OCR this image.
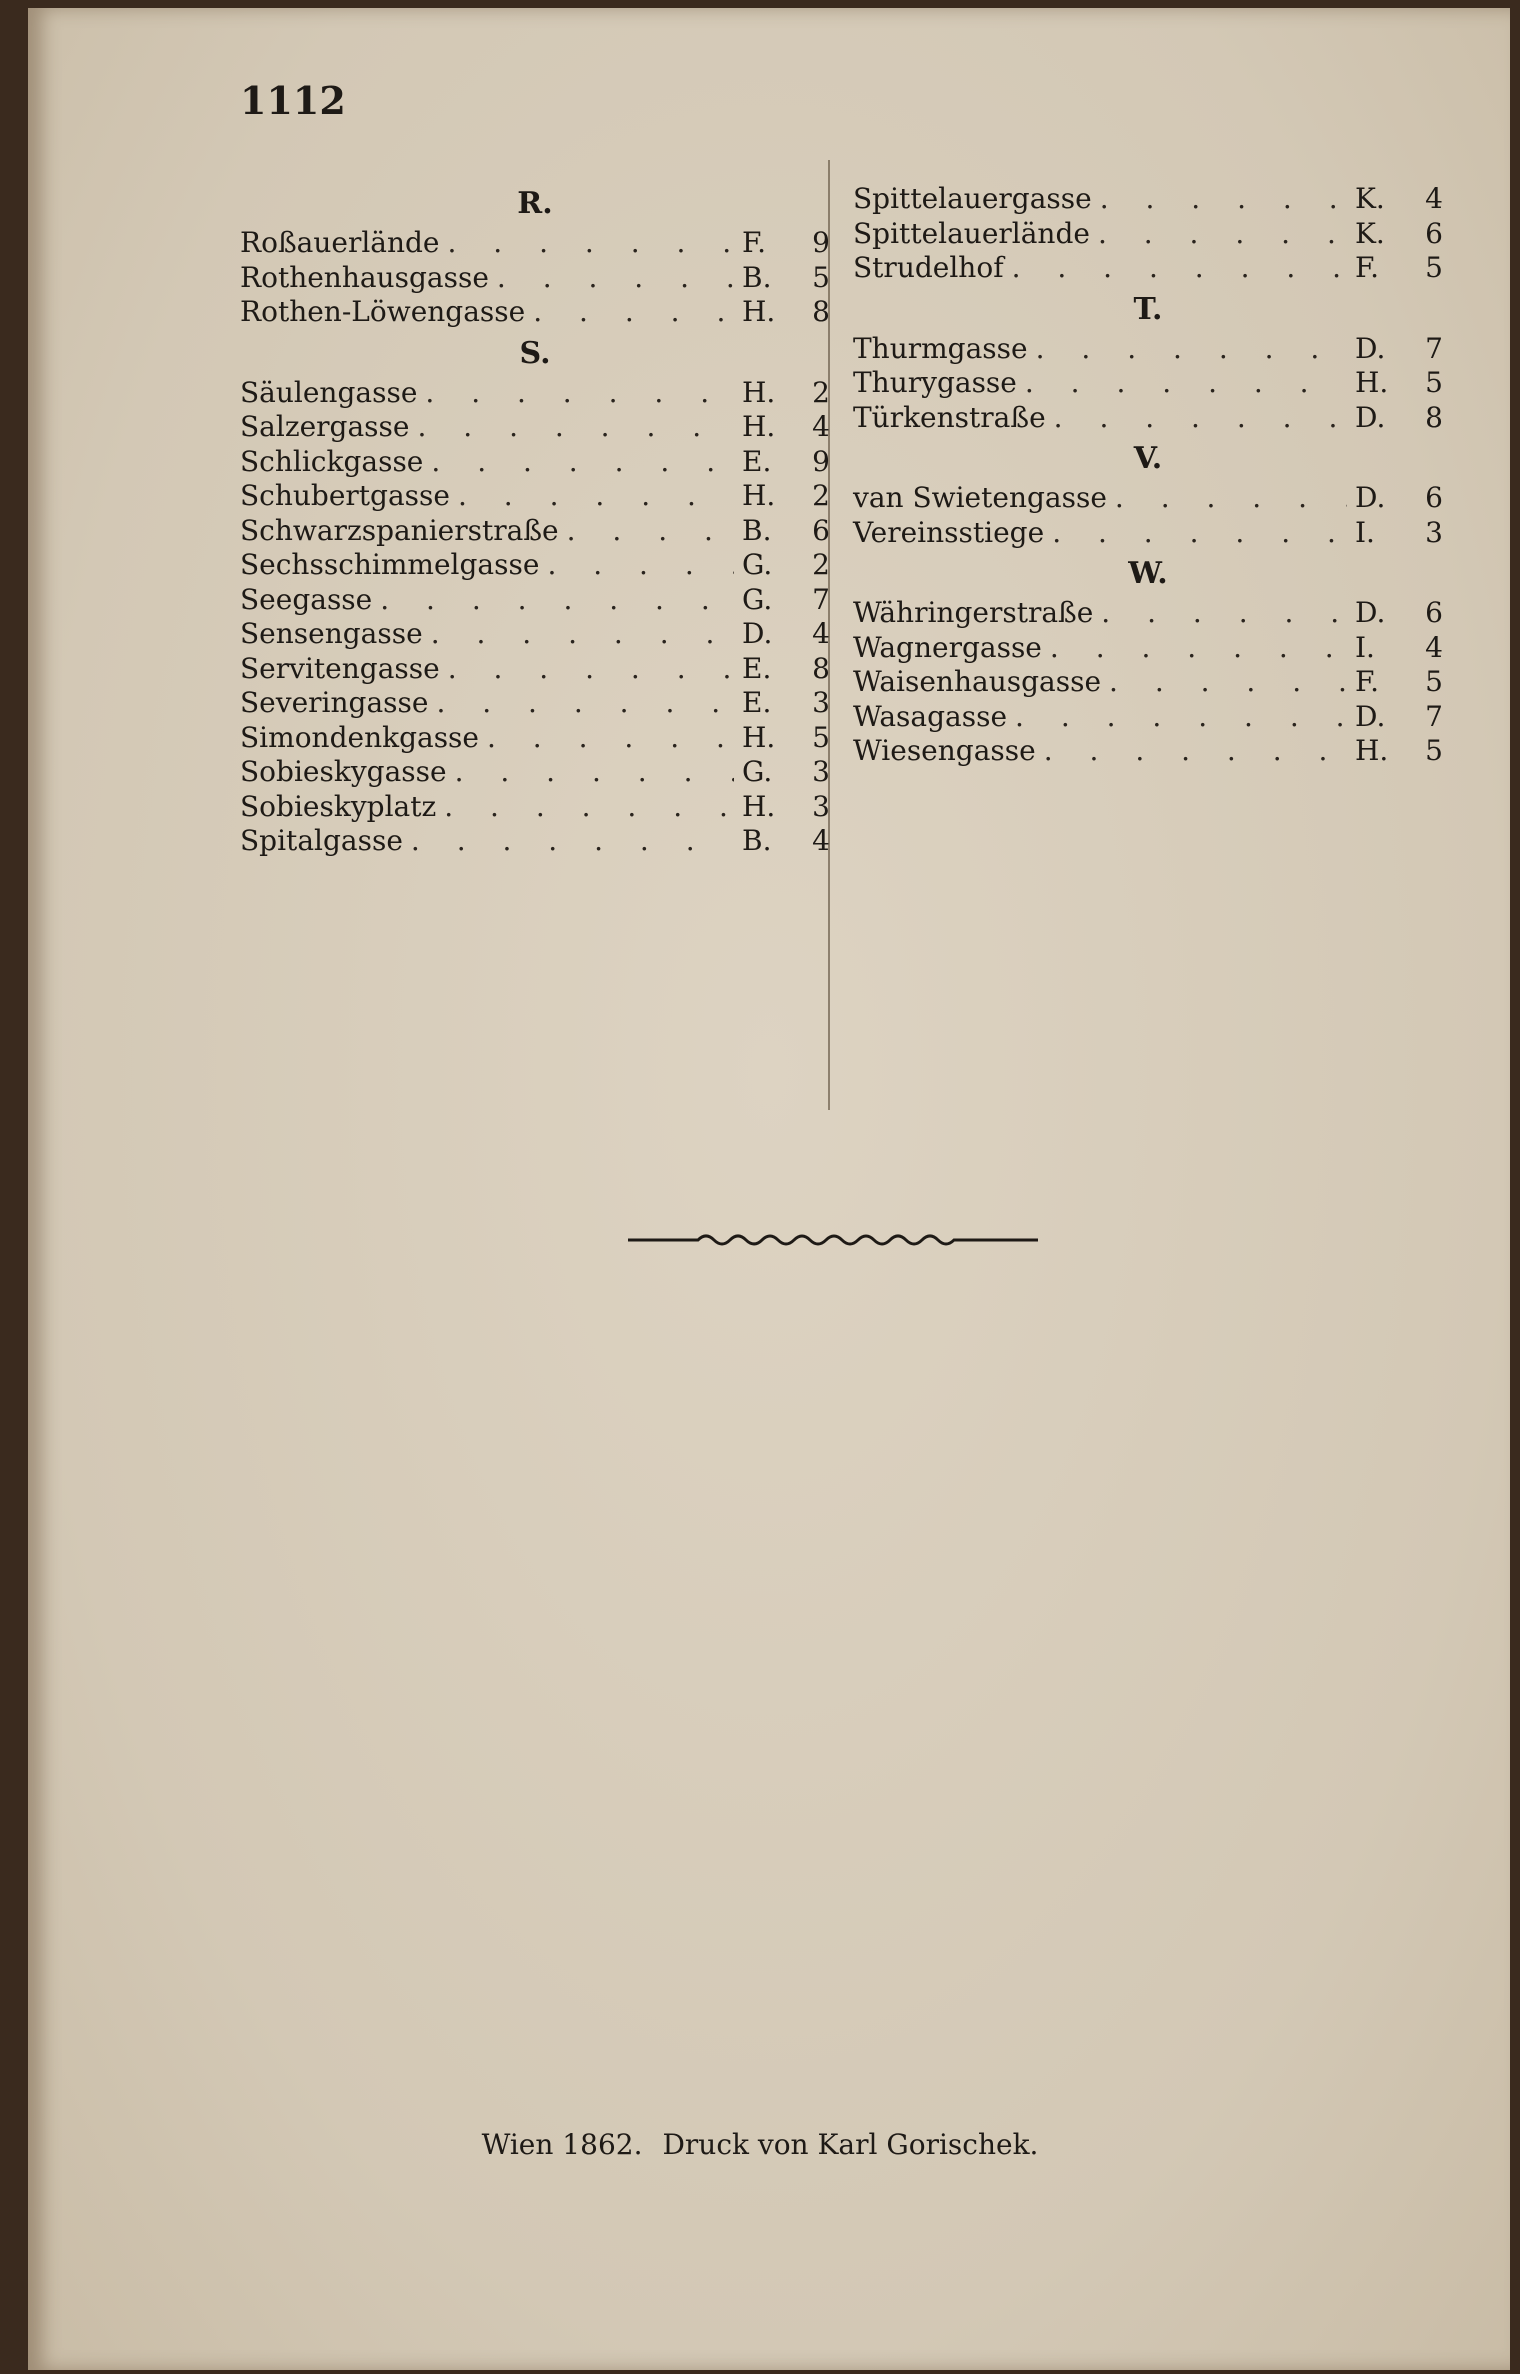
1112
R.
Roßauerlände . . .	F.	9
Rothenhausgasse . . .	B.	5
Rothen-Löwengasse . . .	H.	8
S.
Säulengasse . . .	H.	2
Salzergasse . . .	H.	4
Schlickgasse . . .	E.	9
Schubertgasse . . .	H.	2
Schwarzspanierstraße . . .	B.	6
Sechsschimmelgasse . . .	G.	2
Seegasse . . .	G.	7
Sensengasse . . .	D.	4
Servitengasse . . .	E.	8
Severingasse . . .	E.	3
Simondenkgasse . . .	H.	5
Sobieskygasse . . .	G.	3
Sobieskyplatz . . .	H.	3
Spitalgasse . . .	B.	4
Spittelauergasse . . .	K.	4
Spittelauerlände . . .	K.	6
Strudelhof . . .	F.	5
T.
Thurmgasse . . .	D.	7
Thurygasse . . .	H.	5
Türkenstraße . . .	D.	8
V.
van Swietengasse . . .	D.	6
Vereinsstiege . . .	I.	3
W.
Währingerstraße . . .	D.	6
Wagnergasse . . .	I.	4
Waisenhausgasse . . .	F.	5
Wasagasse . . .	D.	7
Wiesengasse . . .	H.	5
Wien 1862. Druck von Karl Gorischek.
